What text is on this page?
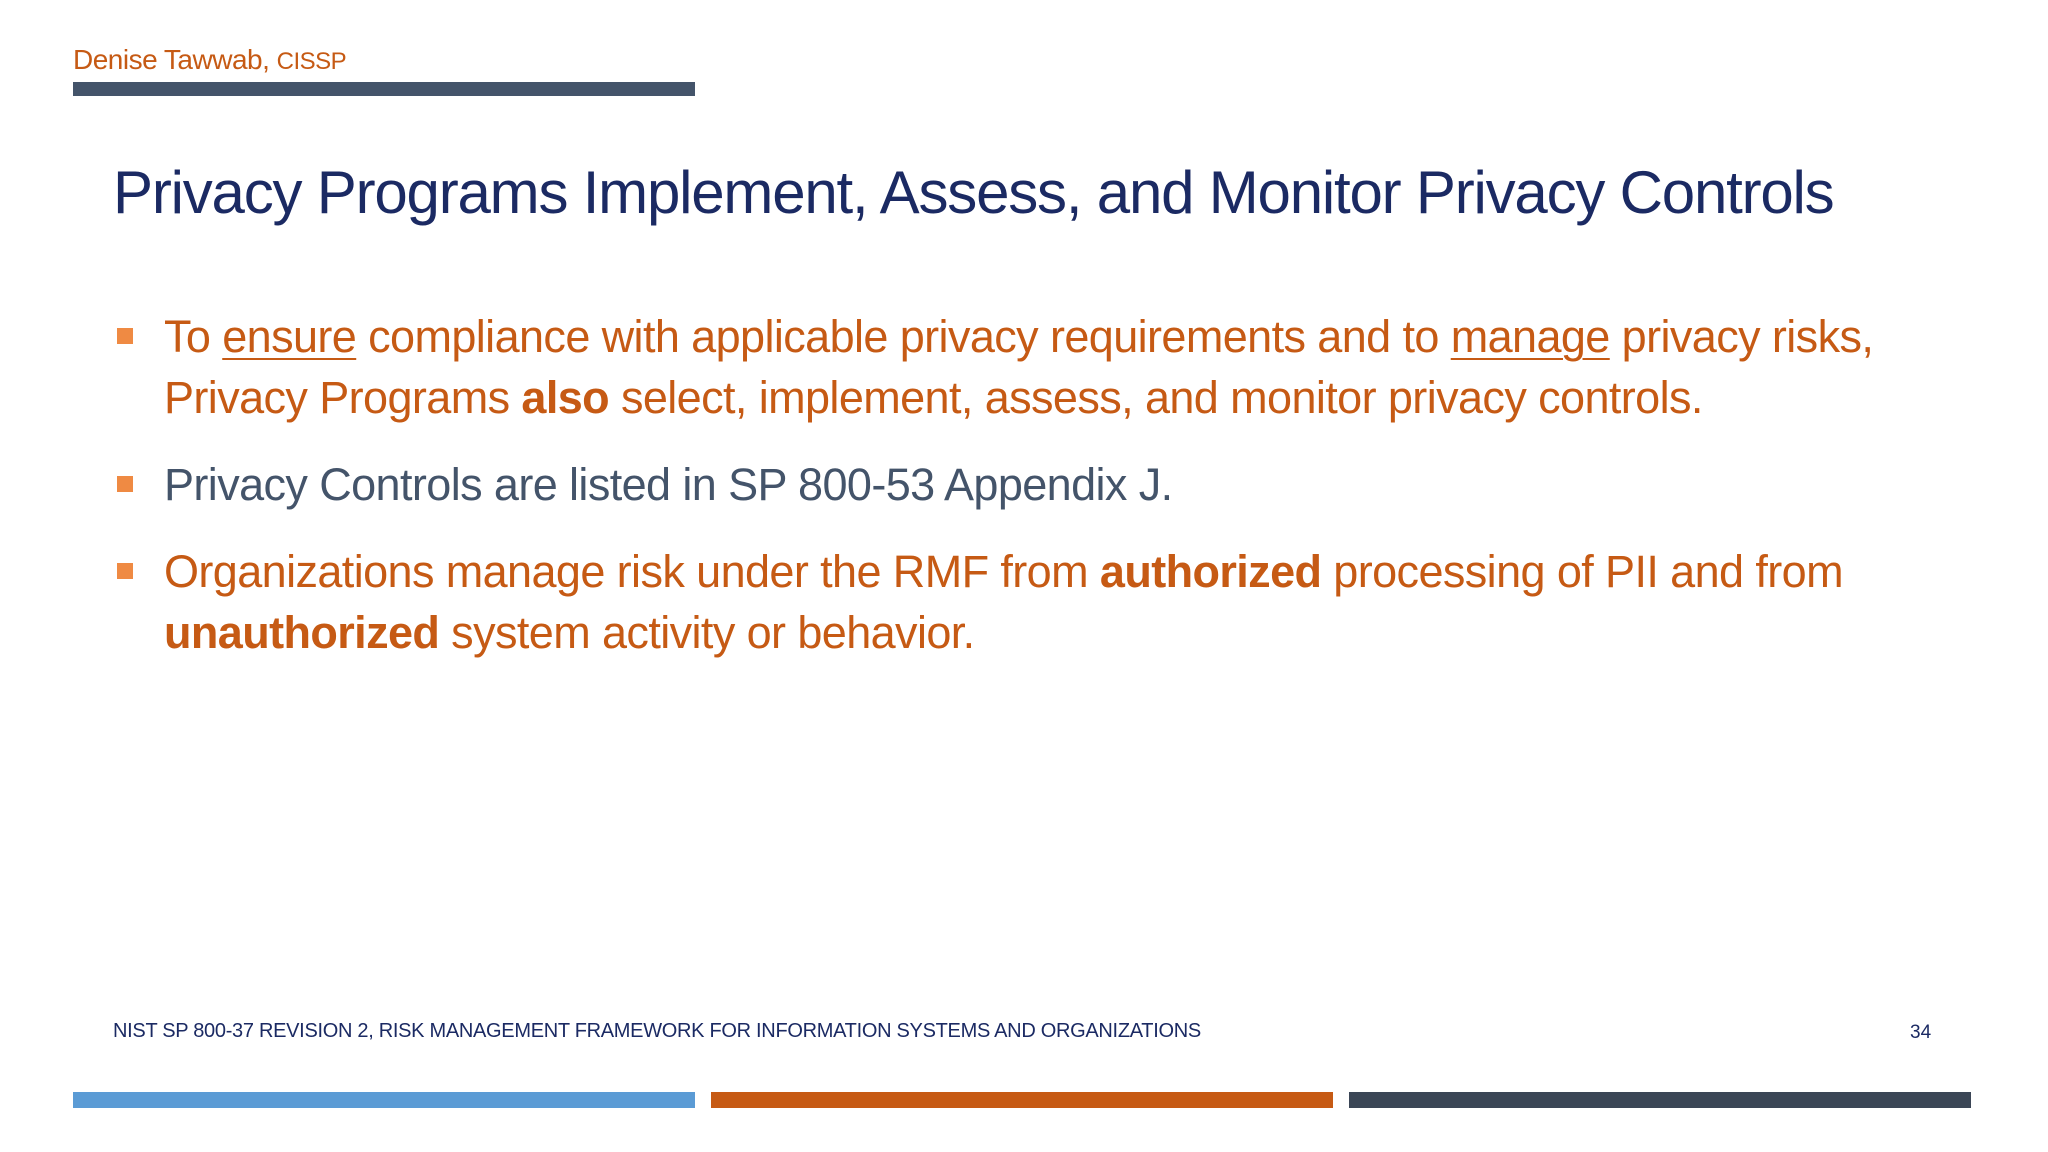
Denise Tawwab, CISSP
Privacy Programs Implement, Assess, and Monitor Privacy Controls
To ensure compliance with applicable privacy requirements and to manage privacy risks, Privacy Programs also select, implement, assess, and monitor privacy controls.
Privacy Controls are listed in SP 800-53 Appendix J.
Organizations manage risk under the RMF from authorized processing of PII and from unauthorized system activity or behavior.
NIST SP 800-37 REVISION 2, RISK MANAGEMENT FRAMEWORK FOR INFORMATION SYSTEMS AND ORGANIZATIONS	34
